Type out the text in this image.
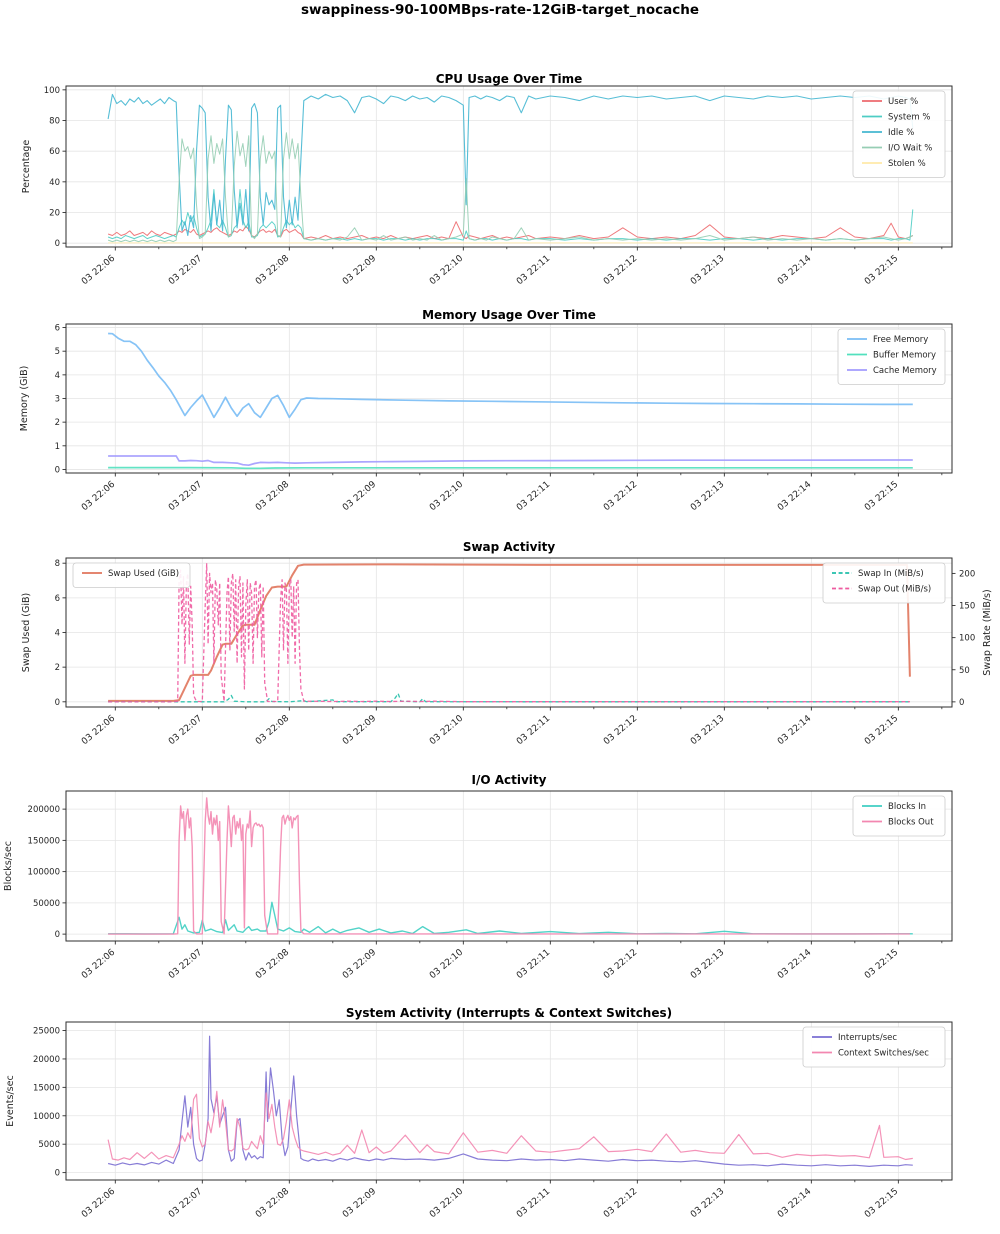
swappiness-90-100MBps-rate-12GiB-target_nocache
0
20
40
60
80
100
03 22:06	03 22:07	03 22:08	03 22:09	03 22:10	03 22:11	03 22:12	03 22:13	03 22:14	03 22:15
CPU Usage Over Time
Percentage
User %
System %
Idle %
I/O Wait %
Stolen %
0
1
2
3
4
5
6
03 22:06	03 22:07	03 22:08	03 22:09	03 22:10	03 22:11	03 22:12	03 22:13	03 22:14	03 22:15
Memory Usage Over Time
Memory (GiB)
Free Memory
Buffer Memory
Cache Memory
0
2
4
6
8
0
50
100
150
200
03 22:06	03 22:07	03 22:08	03 22:09	03 22:10	03 22:11	03 22:12	03 22:13	03 22:14	03 22:15
Swap Activity
Swap Used (GiB)	Swap Rate (MiB/s)
Swap Used (GiB)	Swap In (MiB/s)
Swap Out (MiB/s)
0
50000
100000
150000
200000
03 22:06	03 22:07	03 22:08	03 22:09	03 22:10	03 22:11	03 22:12	03 22:13	03 22:14	03 22:15
I/O Activity
Blocks/sec
Blocks In
Blocks Out
0
5000
10000
15000
20000
25000
03 22:06	03 22:07	03 22:08	03 22:09	03 22:10	03 22:11	03 22:12	03 22:13	03 22:14	03 22:15
System Activity (Interrupts & Context Switches)
Events/sec
Interrupts/sec
Context Switches/sec
